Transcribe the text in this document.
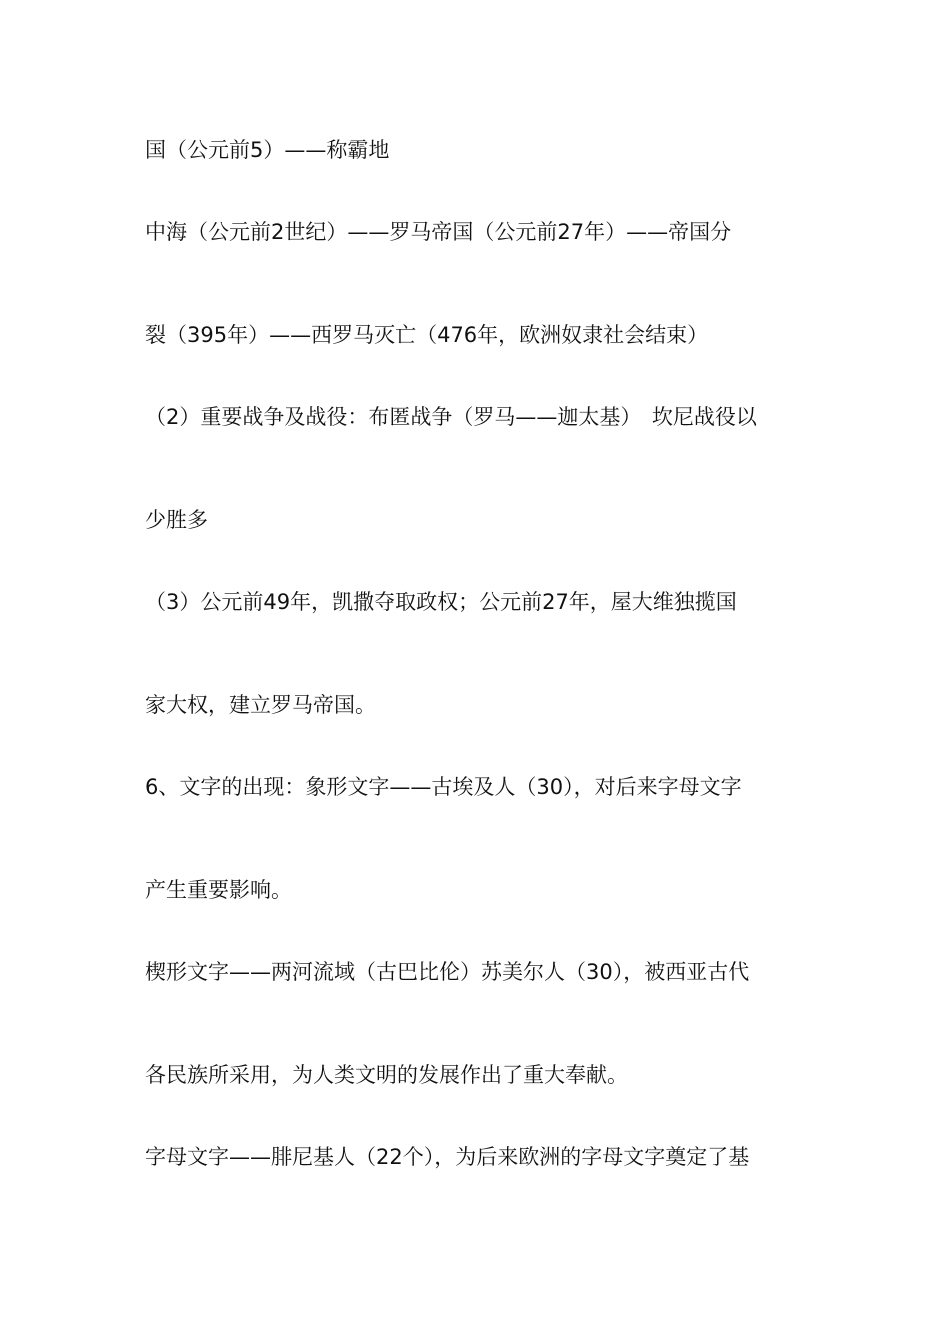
国（公元前5）——称霸地
中海（公元前2世纪）——罗马帝国（公元前27年）——帝国分
裂（395年）——西罗马灭亡（476年，欧洲奴隶社会结束）
（2）重要战争及战役：布匿战争（罗马——迦太基）　坎尼战役以
少胜多
（3）公元前49年，凯撒夺取政权；公元前27年，屋大维独揽国
家大权，建立罗马帝国。
6、文字的出现：象形文字——古埃及人（30），对后来字母文字
产生重要影响。
楔形文字——两河流域（古巴比伦）苏美尔人（30），被西亚古代
各民族所采用，为人类文明的发展作出了重大奉献。
字母文字——腓尼基人（22个），为后来欧洲的字母文字奠定了基
